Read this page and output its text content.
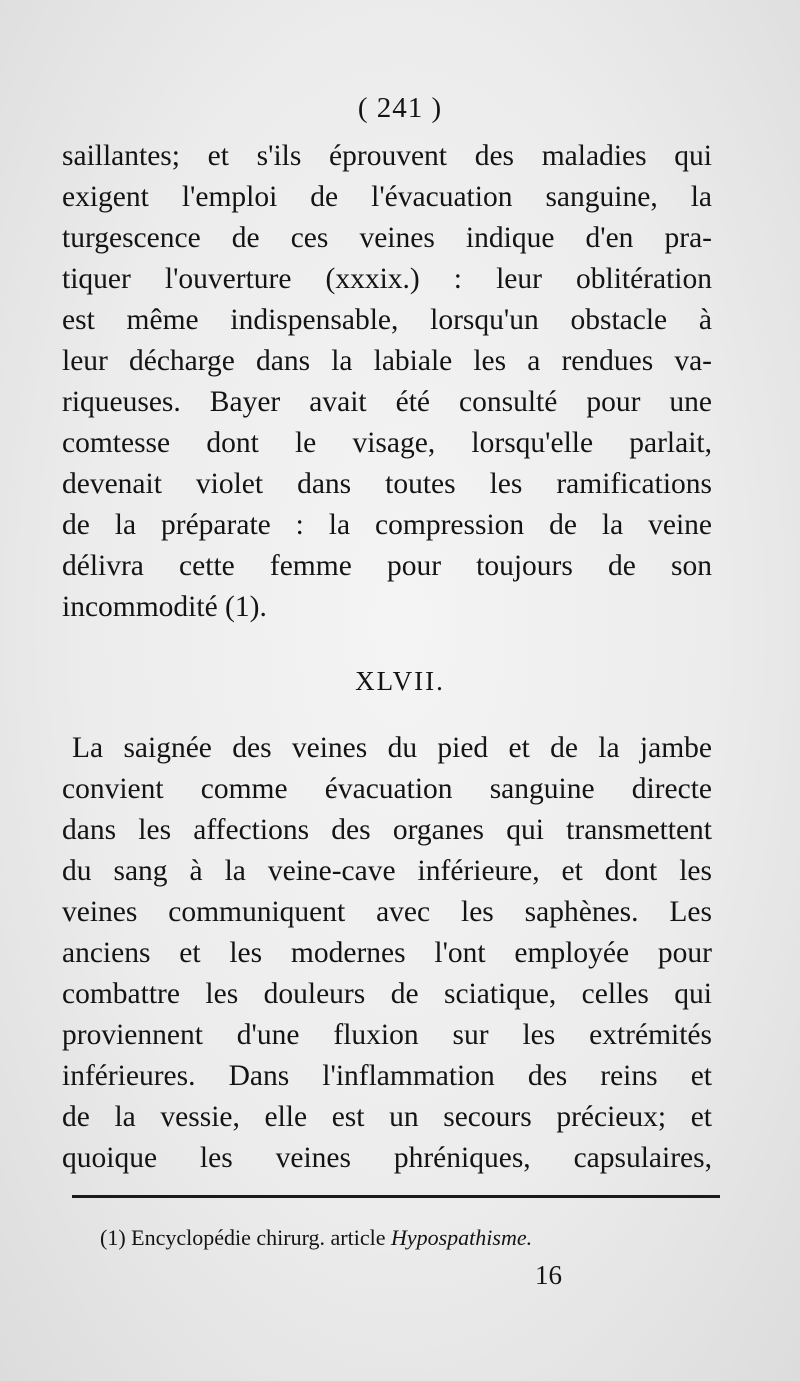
( 241 )
saillantes; et s'ils éprouvent des maladies qui
exigent l'emploi de l'évacuation sanguine, la
turgescence de ces veines indique d'en pra-
tiquer l'ouverture (xxxix.) : leur oblitération
est même indispensable, lorsqu'un obstacle à
leur décharge dans la labiale les a rendues va-
riqueuses. Bayer avait été consulté pour une
comtesse dont le visage, lorsqu'elle parlait,
devenait violet dans toutes les ramifications
de la préparate : la compression de la veine
délivra cette femme pour toujours de son
incommodité (1).
XLVII.
La saignée des veines du pied et de la jambe
convient comme évacuation sanguine directe
dans les affections des organes qui transmettent
du sang à la veine-cave inférieure, et dont les
veines communiquent avec les saphènes. Les
anciens et les modernes l'ont employée pour
combattre les douleurs de sciatique, celles qui
proviennent d'une fluxion sur les extrémités
inférieures. Dans l'inflammation des reins et
de la vessie, elle est un secours précieux; et
quoique les veines phréniques, capsulaires,
(1) Encyclopédie chirurg. article Hypospathisme.
16
